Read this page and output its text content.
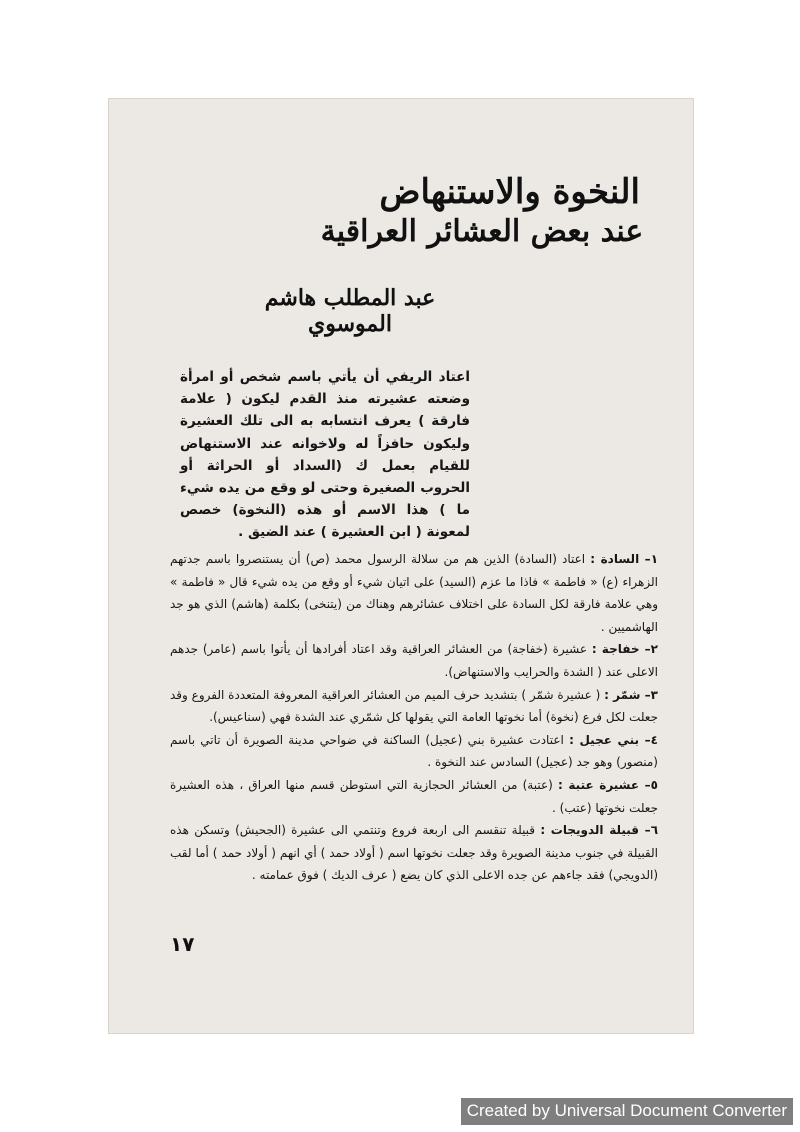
النخوة والاستنهاض
عند بعض العشائر العراقية
عبد المطلب هاشم الموسوي
اعتاد الريفي أن يأتي باسم شخص أو امرأة وضعته عشيرته منذ القدم ليكون ( علامة فارقة ) يعرف انتسابه به الى تلك العشيرة وليكون حافزاً له ولاخوانه عند الاستنهاض للقيام بعمل ك (السداد أو الحراثة أو الحروب الصغيرة وحتى لو وقع من يده شيء ما ) هذا الاسم أو هذه (النخوة) خصص لمعونة ( ابن العشيرة ) عند الضيق .

١– السادة : اعتاد (السادة) الذين هم من سلالة الرسول محمد (ص) أن يستنصروا باسم جدتهم الزهراء (ع) « فاطمة » فاذا ما عزم (السيد) على اتيان شيء أو وقع من يده شيء قال « فاطمة » وهي علامة فارقة لكل السادة على اختلاف عشائرهم وهناك من (يتنخى) بكلمة (هاشم) الذي هو جد الهاشميين .

٢– خفاجة : عشيرة (خفاجة) من العشائر العراقية وقد اعتاد أفرادها أن يأتوا باسم (عامر) جدهم الاعلى عند ( الشدة والحرايب والاستنهاض).

٣– شمّر : ( عشيرة شمّر ) بتشديد حرف الميم من العشائر العراقية المعروفة المتعددة الفروع وقد جعلت لكل فرع (نخوة) أما نخوتها العامة التي يقولها كل شمّري عند الشدة فهي (سناعيس).

٤– بني عجيل : اعتادت عشيرة بني (عجيل) الساكنة في ضواحي مدينة الصويرة أن تاتي باسم (منصور) وهو جد (عجيل) السادس عند النخوة .

٥– عشيرة عتبة : (عتبة) من العشائر الحجازية التي استوطن قسم منها العراق ، هذه العشيرة جعلت نخوتها (عتب) .

٦– قبيلة الدويجات : قبيلة تنقسم الى اربعة فروع وتنتمي الى عشيرة (الجحيش) وتسكن هذه القبيلة في جنوب مدينة الصويرة وقد جعلت نخوتها اسم ( أولاد حمد ) أي انهم ( أولاد حمد ) أما لقب (الدويجي) فقد جاءهم عن جده الاعلى الذي كان يضع ( عرف الديك ) فوق عمامته .

١٧
Created by Universal Document Converter
